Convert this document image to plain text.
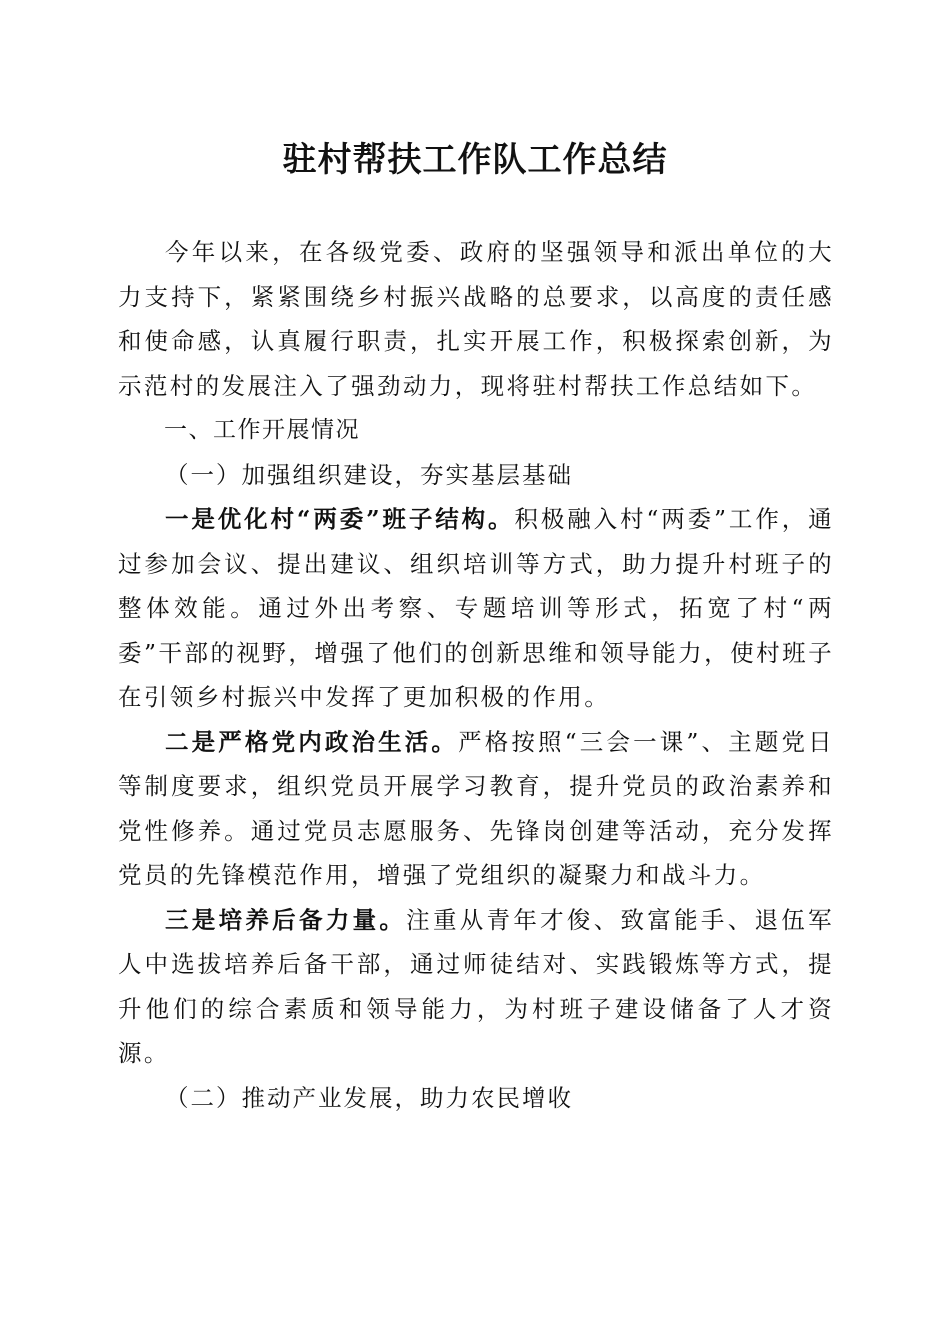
驻村帮扶工作队工作总结

今年以来，在各级党委、政府的坚强领导和派出单位的大力支持下，紧紧围绕乡村振兴战略的总要求，以高度的责任感和使命感，认真履行职责，扎实开展工作，积极探索创新，为示范村的发展注入了强劲动力，现将驻村帮扶工作总结如下。

一、工作开展情况

（一）加强组织建设，夯实基层基础

一是优化村“两委”班子结构。积极融入村“两委”工作，通过参加会议、提出建议、组织培训等方式，助力提升村班子的整体效能。通过外出考察、专题培训等形式，拓宽了村“两委”干部的视野，增强了他们的创新思维和领导能力，使村班子在引领乡村振兴中发挥了更加积极的作用。

二是严格党内政治生活。严格按照“三会一课”、主题党日等制度要求，组织党员开展学习教育，提升党员的政治素养和党性修养。通过党员志愿服务、先锋岗创建等活动，充分发挥党员的先锋模范作用，增强了党组织的凝聚力和战斗力。

三是培养后备力量。注重从青年才俊、致富能手、退伍军人中选拔培养后备干部，通过师徒结对、实践锻炼等方式，提升他们的综合素质和领导能力，为村班子建设储备了人才资源。

（二）推动产业发展，助力农民增收
